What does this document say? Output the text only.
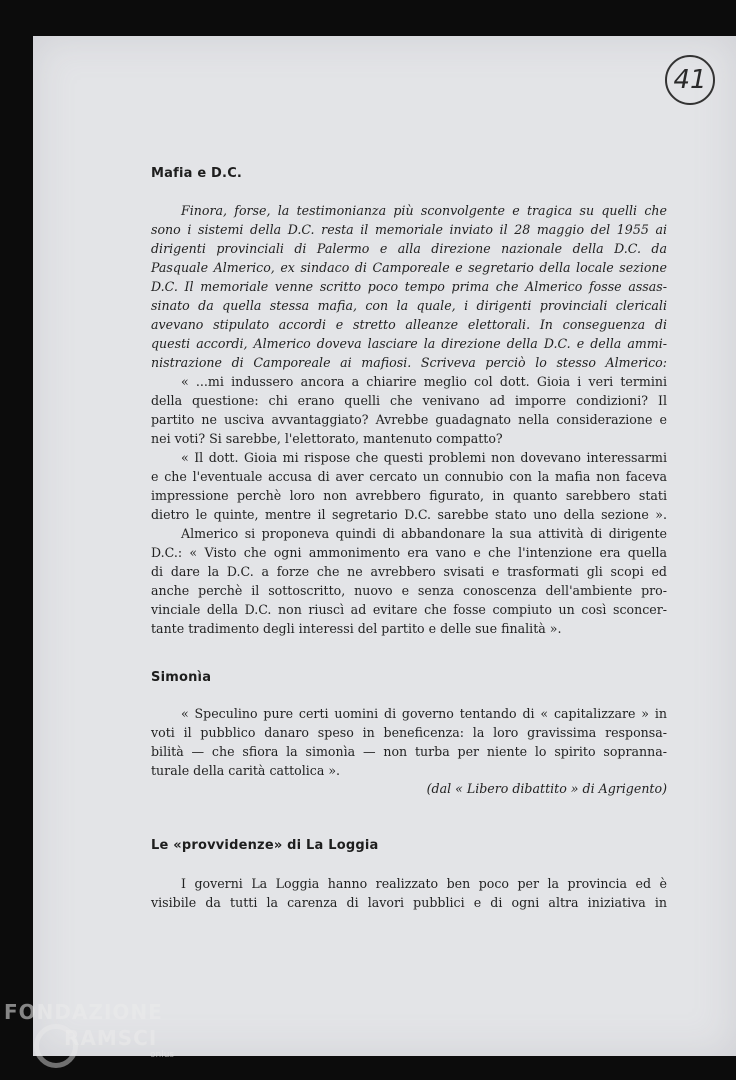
41
Mafia e D.C.
Finora, forse, la testimonianza più sconvolgente e tragica su quelli che
sono i sistemi della D.C. resta il memoriale inviato il 28 maggio del 1955 ai
dirigenti provinciali di Palermo e alla direzione nazionale della D.C. da
Pasquale Almerico, ex sindaco di Camporeale e segretario della locale sezione
D.C. Il memoriale venne scritto poco tempo prima che Almerico fosse assas-
sinato da quella stessa mafia, con la quale, i dirigenti provinciali clericali
avevano stipulato accordi e stretto alleanze elettorali. In conseguenza di
questi accordi, Almerico doveva lasciare la direzione della D.C. e della ammi-
nistrazione di Camporeale ai mafiosi. Scriveva perciò lo stesso Almerico:
« ...mi indussero ancora a chiarire meglio col dott. Gioia i veri termini
della questione: chi erano quelli che venivano ad imporre condizioni? Il
partito ne usciva avvantaggiato? Avrebbe guadagnato nella considerazione e
nei voti? Si sarebbe, l'elettorato, mantenuto compatto?
« Il dott. Gioia mi rispose che questi problemi non dovevano interessarmi
e che l'eventuale accusa di aver cercato un connubio con la mafia non faceva
impressione perchè loro non avrebbero figurato, in quanto sarebbero stati
dietro le quinte, mentre il segretario D.C. sarebbe stato uno della sezione ».
Almerico si proponeva quindi di abbandonare la sua attività di dirigente
D.C.: « Visto che ogni ammonimento era vano e che l'intenzione era quella
di dare la D.C. a forze che ne avrebbero svisati e trasformati gli scopi ed
anche perchè il sottoscritto, nuovo e senza conoscenza dell'ambiente pro-
vinciale della D.C. non riuscì ad evitare che fosse compiuto un così sconcer-
tante tradimento degli interessi del partito e delle sue finalità ».
Simonìa
« Speculino pure certi uomini di governo tentando di « capitalizzare » in
voti il pubblico danaro speso in beneficenza: la loro gravissima responsa-
bilità — che sfiora la simonìa — non turba per niente lo spirito sopranna-
turale della carità cattolica ».
(dal « Libero dibattito » di Agrigento)
Le «provvidenze» di La Loggia
I governi La Loggia hanno realizzato ben poco per la provincia ed è
visibile da tutti la carenza di lavori pubblici e di ogni altra iniziativa in
FONDAZIONE
RAMSCI
onlus
